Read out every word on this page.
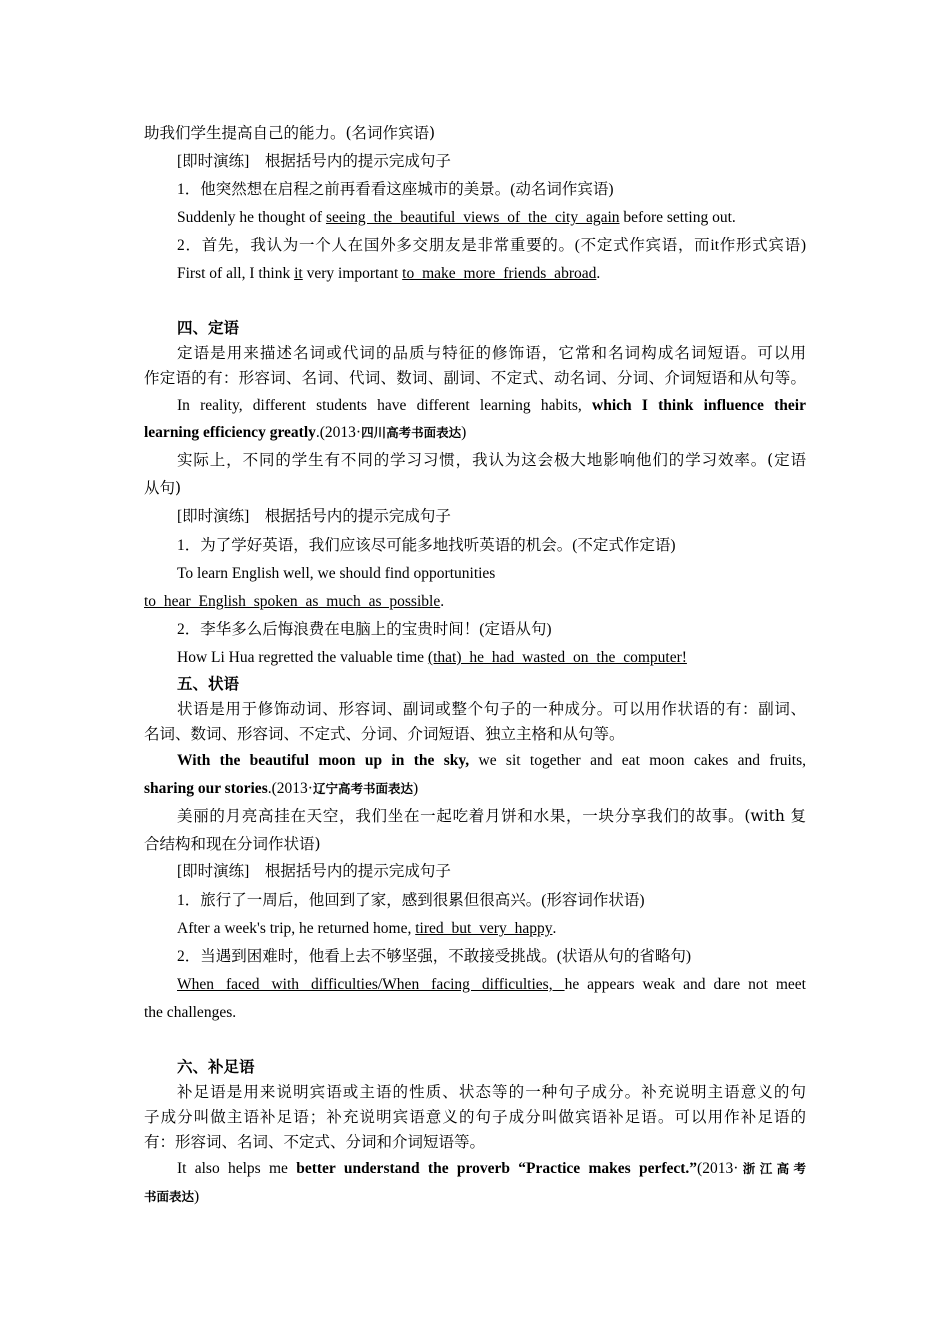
助我们学生提高自己的能力。(名词作宾语)
[即时演练]　根据括号内的提示完成句子
1．他突然想在启程之前再看看这座城市的美景。(动名词作宾语)
Suddenly he thought of seeing the beautiful views of the city again before setting out.
2．首先，我认为一个人在国外多交朋友是非常重要的。(不定式作宾语，而it作形式宾语)
First of all, I think it very important to make more friends abroad.
四、定语
定语是用来描述名词或代词的品质与特征的修饰语，它常和名词构成名词短语。可以用
作定语的有：形容词、名词、代词、数词、副词、不定式、动名词、分词、介词短语和从句等。
In reality, different students have different learning habits, which I think influence their
learning efficiency greatly.(2013·四川高考书面表达)
实际上，不同的学生有不同的学习习惯，我认为这会极大地影响他们的学习效率。(定语
从句)
[即时演练]　根据括号内的提示完成句子
1．为了学好英语，我们应该尽可能多地找听英语的机会。(不定式作定语)
To learn English well, we should find opportunities
to hear English spoken as much as possible.
2．李华多么后悔浪费在电脑上的宝贵时间！(定语从句)
How Li Hua regretted the valuable time (that) he had wasted on the computer!
五、状语
状语是用于修饰动词、形容词、副词或整个句子的一种成分。可以用作状语的有：副词、
名词、数词、形容词、不定式、分词、介词短语、独立主格和从句等。
With the beautiful moon up in the sky, we sit together and eat moon cakes and fruits,
sharing our stories.(2013·辽宁高考书面表达)
美丽的月亮高挂在天空，我们坐在一起吃着月饼和水果，一块分享我们的故事。(with 复
合结构和现在分词作状语)
[即时演练]　根据括号内的提示完成句子
1．旅行了一周后，他回到了家，感到很累但很高兴。(形容词作状语)
After a week's trip, he returned home, tired but very happy.
2．当遇到困难时，他看上去不够坚强，不敢接受挑战。(状语从句的省略句)
When faced with difficulties/When facing difficulties, he appears weak and dare not meet
the challenges.
六、补足语
补足语是用来说明宾语或主语的性质、状态等的一种句子成分。补充说明主语意义的句
子成分叫做主语补足语；补充说明宾语意义的句子成分叫做宾语补足语。可以用作补足语的
有：形容词、名词、不定式、分词和介词短语等。
It also helps me better understand the proverb “Practice makes perfect.”(2013·浙江高考
书面表达)
